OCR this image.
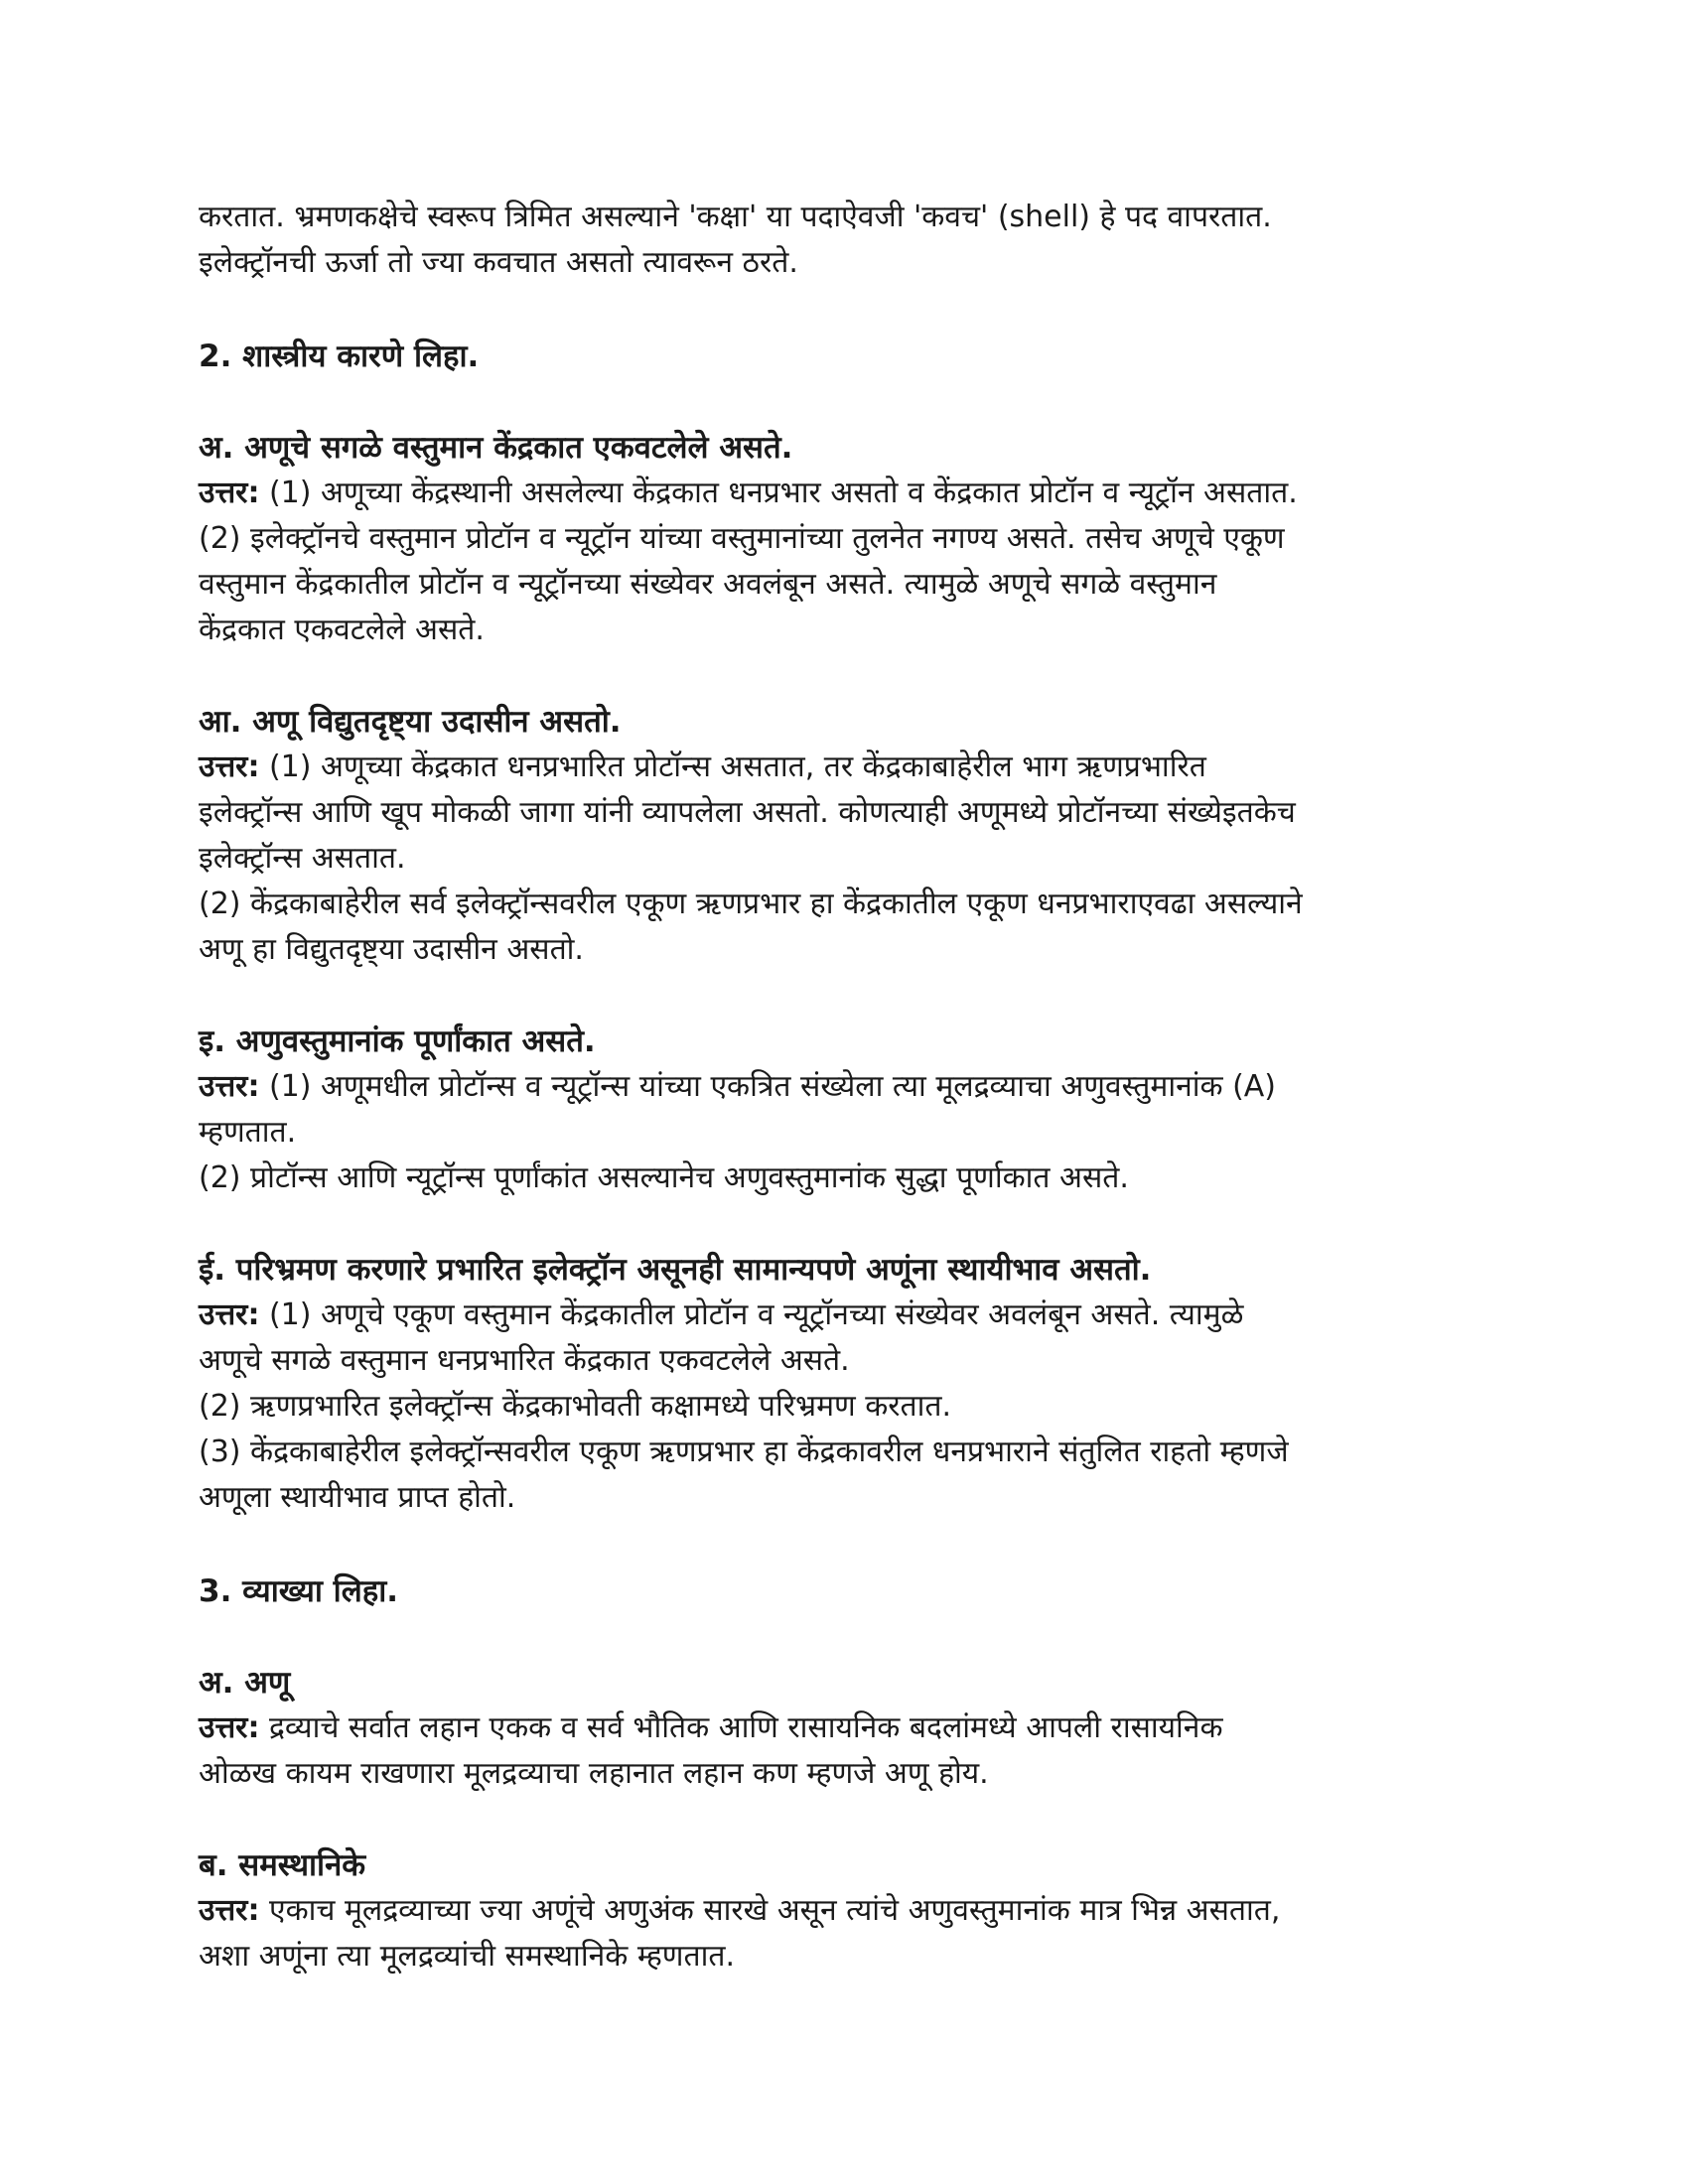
करतात. भ्रमणकक्षेचे स्वरूप त्रिमित असल्याने 'कक्षा' या पदाऐवजी 'कवच' (shell) हे पद वापरतात.
इलेक्ट्रॉनची ऊर्जा तो ज्या कवचात असतो त्यावरून ठरते.
2. शास्त्रीय कारणे लिहा.
अ. अणूचे सगळे वस्तुमान केंद्रकात एकवटलेले असते.
उत्तर: (1) अणूच्या केंद्रस्थानी असलेल्या केंद्रकात धनप्रभार असतो व केंद्रकात प्रोटॉन व न्यूट्रॉन असतात.
(2) इलेक्ट्रॉनचे वस्तुमान प्रोटॉन व न्यूट्रॉन यांच्या वस्तुमानांच्या तुलनेत नगण्य असते. तसेच अणूचे एकूण
वस्तुमान केंद्रकातील प्रोटॉन व न्यूट्रॉनच्या संख्येवर अवलंबून असते. त्यामुळे अणूचे सगळे वस्तुमान
केंद्रकात एकवटलेले असते.
आ. अणू विद्युतदृष्ट्या उदासीन असतो.
उत्तर: (1) अणूच्या केंद्रकात धनप्रभारित प्रोटॉन्स असतात, तर केंद्रकाबाहेरील भाग ऋणप्रभारित
इलेक्ट्रॉन्स आणि खूप मोकळी जागा यांनी व्यापलेला असतो. कोणत्याही अणूमध्ये प्रोटॉनच्या संख्येइतकेच
इलेक्ट्रॉन्स असतात.
(2) केंद्रकाबाहेरील सर्व इलेक्ट्रॉन्सवरील एकूण ऋणप्रभार हा केंद्रकातील एकूण धनप्रभाराएवढा असल्याने
अणू हा विद्युतदृष्ट्या उदासीन असतो.
इ. अणुवस्तुमानांक पूर्णांकात असते.
उत्तर: (1) अणूमधील प्रोटॉन्स व न्यूट्रॉन्स यांच्या एकत्रित संख्येला त्या मूलद्रव्याचा अणुवस्तुमानांक (A)
म्हणतात.
(2) प्रोटॉन्स आणि न्यूट्रॉन्स पूर्णांकांत असल्यानेच अणुवस्तुमानांक सुद्धा पूर्णाकात असते.
ई. परिभ्रमण करणारे प्रभारित इलेक्ट्रॉन असूनही सामान्यपणे अणूंना स्थायीभाव असतो.
उत्तर: (1) अणूचे एकूण वस्तुमान केंद्रकातील प्रोटॉन व न्यूट्रॉनच्या संख्येवर अवलंबून असते. त्यामुळे
अणूचे सगळे वस्तुमान धनप्रभारित केंद्रकात एकवटलेले असते.
(2) ऋणप्रभारित इलेक्ट्रॉन्स केंद्रकाभोवती कक्षामध्ये परिभ्रमण करतात.
(3) केंद्रकाबाहेरील इलेक्ट्रॉन्सवरील एकूण ऋणप्रभार हा केंद्रकावरील धनप्रभाराने संतुलित राहतो म्हणजे
अणूला स्थायीभाव प्राप्त होतो.
3. व्याख्या लिहा.
अ. अणू
उत्तर: द्रव्याचे सर्वात लहान एकक व सर्व भौतिक आणि रासायनिक बदलांमध्ये आपली रासायनिक
ओळख कायम राखणारा मूलद्रव्याचा लहानात लहान कण म्हणजे अणू होय.
ब. समस्थानिके
उत्तर: एकाच मूलद्रव्याच्या ज्या अणूंचे अणुअंक सारखे असून त्यांचे अणुवस्तुमानांक मात्र भिन्न असतात,
अशा अणूंना त्या मूलद्रव्यांची समस्थानिके म्हणतात.
